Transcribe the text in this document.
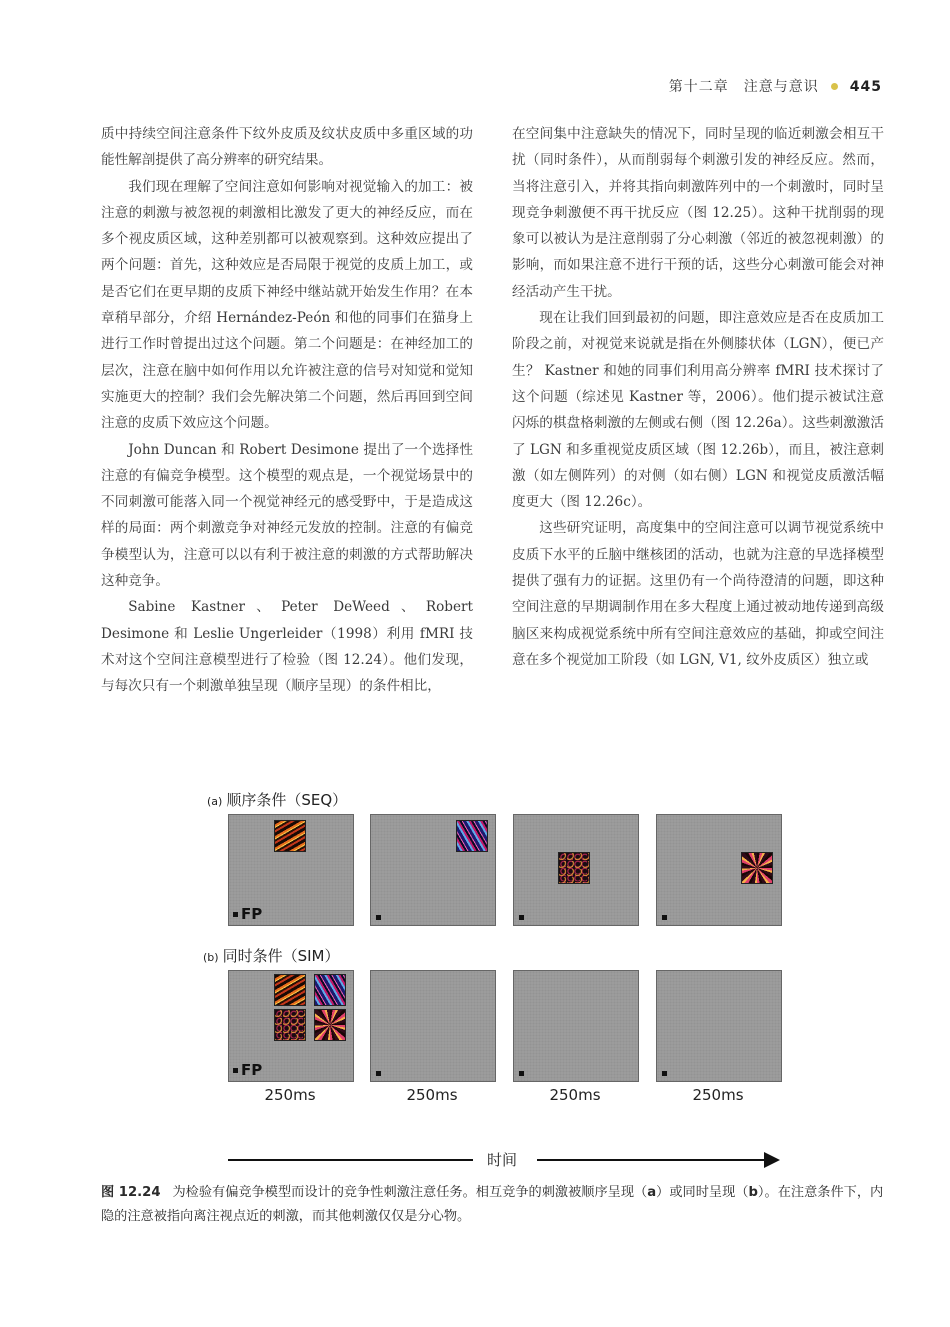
第十二章　注意与意识 445

质中持续空间注意条件下纹外皮质及纹状皮质中多重区域的功能性解剖提供了高分辨率的研究结果。

我们现在理解了空间注意如何影响对视觉输入的加工：被注意的刺激与被忽视的刺激相比激发了更大的神经反应，而在多个视皮质区域，这种差别都可以被观察到。这种效应提出了两个问题：首先，这种效应是否局限于视觉的皮质上加工，或是否它们在更早期的皮质下神经中继站就开始发生作用？在本章稍早部分，介绍 Hernández-Peón 和他的同事们在猫身上进行工作时曾提出过这个问题。第二个问题是：在神经加工的层次，注意在脑中如何作用以允许被注意的信号对知觉和觉知实施更大的控制？我们会先解决第二个问题，然后再回到空间注意的皮质下效应这个问题。

John Duncan 和 Robert Desimone 提出了一个选择性注意的有偏竞争模型。这个模型的观点是，一个视觉场景中的不同刺激可能落入同一个视觉神经元的感受野中，于是造成这样的局面：两个刺激竞争对神经元发放的控制。注意的有偏竞争模型认为，注意可以以有利于被注意的刺激的方式帮助解决这种竞争。

Sabine Kastner、Peter DeWeed、Robert Desimone 和 Leslie Ungerleider（1998）利用 fMRI 技术对这个空间注意模型进行了检验（图 12.24）。他们发现，与每次只有一个刺激单独呈现（顺序呈现）的条件相比，

在空间集中注意缺失的情况下，同时呈现的临近刺激会相互干扰（同时条件），从而削弱每个刺激引发的神经反应。然而，当将注意引入，并将其指向刺激阵列中的一个刺激时，同时呈现竞争刺激便不再干扰反应（图 12.25）。这种干扰削弱的现象可以被认为是注意削弱了分心刺激（邻近的被忽视刺激）的影响，而如果注意不进行干预的话，这些分心刺激可能会对神经活动产生干扰。

现在让我们回到最初的问题，即注意效应是否在皮质加工阶段之前，对视觉来说就是指在外侧膝状体（LGN），便已产生？ Kastner 和她的同事们利用高分辨率 fMRI 技术探讨了这个问题（综述见 Kastner 等，2006）。他们提示被试注意闪烁的棋盘格刺激的左侧或右侧（图 12.26a）。这些刺激激活了 LGN 和多重视觉皮质区域（图 12.26b），而且，被注意刺激（如左侧阵列）的对侧（如右侧）LGN 和视觉皮质激活幅度更大（图 12.26c）。

这些研究证明，高度集中的空间注意可以调节视觉系统中皮质下水平的丘脑中继核团的活动，也就为注意的早选择模型提供了强有力的证据。这里仍有一个尚待澄清的问题，即这种空间注意的早期调制作用在多大程度上通过被动地传递到高级脑区来构成视觉系统中所有空间注意效应的基础，抑或空间注意在多个视觉加工阶段（如 LGN, V1, 纹外皮质区）独立或

(a) 顺序条件（SEQ）
FP
(b) 同时条件（SIM）
FP
250ms	250ms	250ms	250ms
时间
图 12.24 为检验有偏竞争模型而设计的竞争性刺激注意任务。相互竞争的刺激被顺序呈现（a）或同时呈现（b）。在注意条件下，内隐的注意被指向离注视点近的刺激，而其他刺激仅仅是分心物。
